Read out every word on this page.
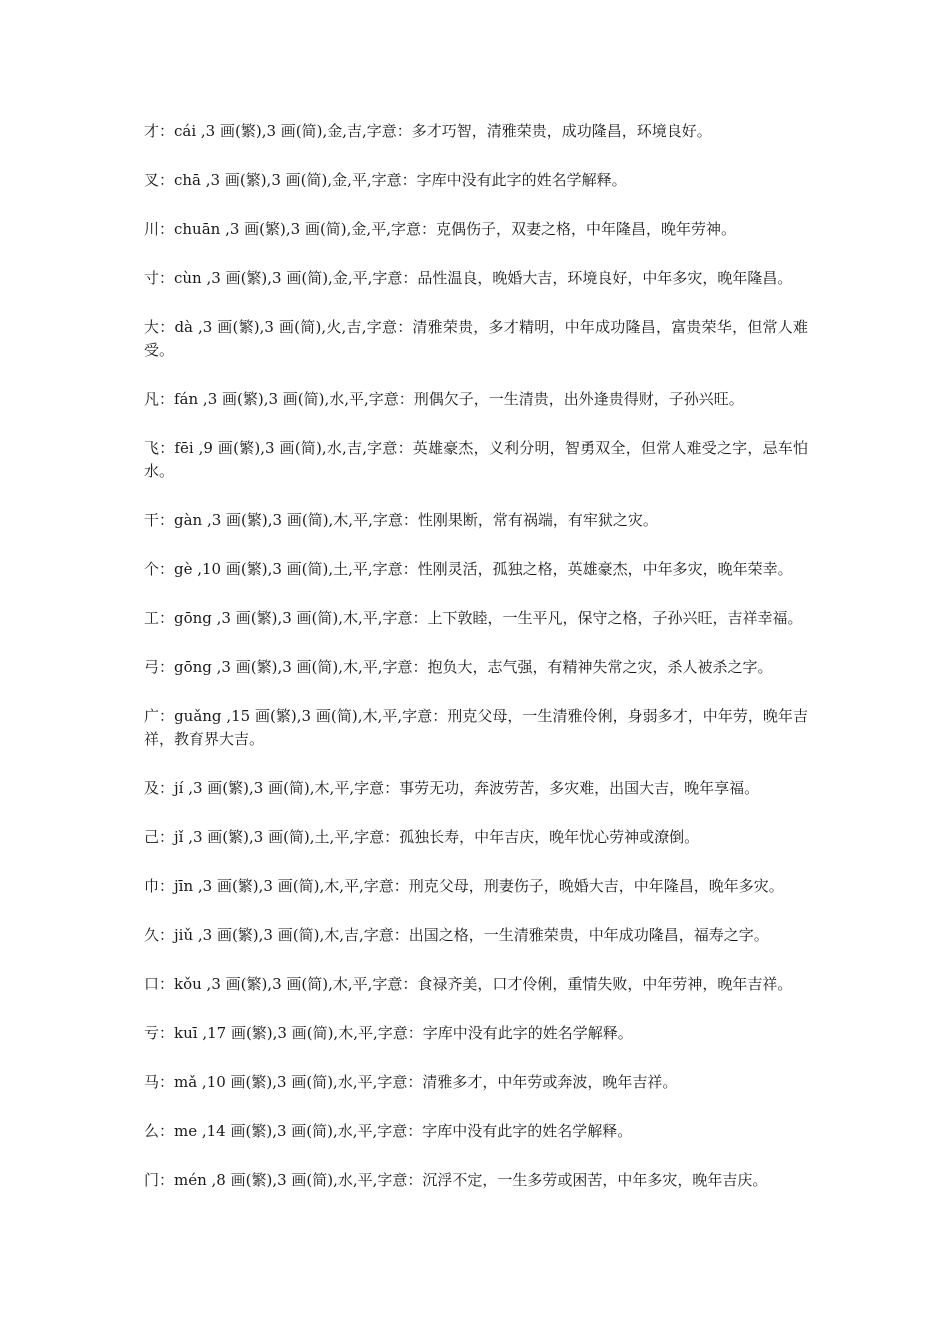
才：cái ,3 画(繁),3 画(简),金,吉,字意：多才巧智，清雅荣贵，成功隆昌，环境良好。

叉：chā ,3 画(繁),3 画(简),金,平,字意：字库中没有此字的姓名学解释。

川：chuān ,3 画(繁),3 画(简),金,平,字意：克偶伤子，双妻之格，中年隆昌，晚年劳神。

寸：cùn ,3 画(繁),3 画(简),金,平,字意：品性温良，晚婚大吉，环境良好，中年多灾，晚年隆昌。

大：dà ,3 画(繁),3 画(简),火,吉,字意：清雅荣贵，多才精明，中年成功隆昌，富贵荣华，但常人难受。

凡：fán ,3 画(繁),3 画(简),水,平,字意：刑偶欠子，一生清贵，出外逢贵得财，子孙兴旺。

飞：fēi ,9 画(繁),3 画(简),水,吉,字意：英雄豪杰，义利分明，智勇双全，但常人难受之字，忌车怕水。

干：gàn ,3 画(繁),3 画(简),木,平,字意：性刚果断，常有祸端，有牢狱之灾。

个：gè ,10 画(繁),3 画(简),土,平,字意：性刚灵活，孤独之格，英雄豪杰，中年多灾，晚年荣幸。

工：gōng ,3 画(繁),3 画(简),木,平,字意：上下敦睦，一生平凡，保守之格，子孙兴旺，吉祥幸福。

弓：gōng ,3 画(繁),3 画(简),木,平,字意：抱负大，志气强，有精神失常之灾，杀人被杀之字。

广：guǎng ,15 画(繁),3 画(简),木,平,字意：刑克父母，一生清雅伶俐，身弱多才，中年劳，晚年吉祥，教育界大吉。

及：jí ,3 画(繁),3 画(简),木,平,字意：事劳无功，奔波劳苦，多灾难，出国大吉，晚年享福。

己：jǐ ,3 画(繁),3 画(简),土,平,字意：孤独长寿，中年吉庆，晚年忧心劳神或潦倒。

巾：jīn ,3 画(繁),3 画(简),木,平,字意：刑克父母，刑妻伤子，晚婚大吉，中年隆昌，晚年多灾。

久：jiǔ ,3 画(繁),3 画(简),木,吉,字意：出国之格，一生清雅荣贵，中年成功隆昌，福寿之字。

口：kǒu ,3 画(繁),3 画(简),木,平,字意：食禄齐美，口才伶俐，重情失败，中年劳神，晚年吉祥。

亏：kuī ,17 画(繁),3 画(简),木,平,字意：字库中没有此字的姓名学解释。

马：mǎ ,10 画(繁),3 画(简),水,平,字意：清雅多才，中年劳或奔波，晚年吉祥。

么：me ,14 画(繁),3 画(简),水,平,字意：字库中没有此字的姓名学解释。

门：mén ,8 画(繁),3 画(简),水,平,字意：沉浮不定，一生多劳或困苦，中年多灾，晚年吉庆。
